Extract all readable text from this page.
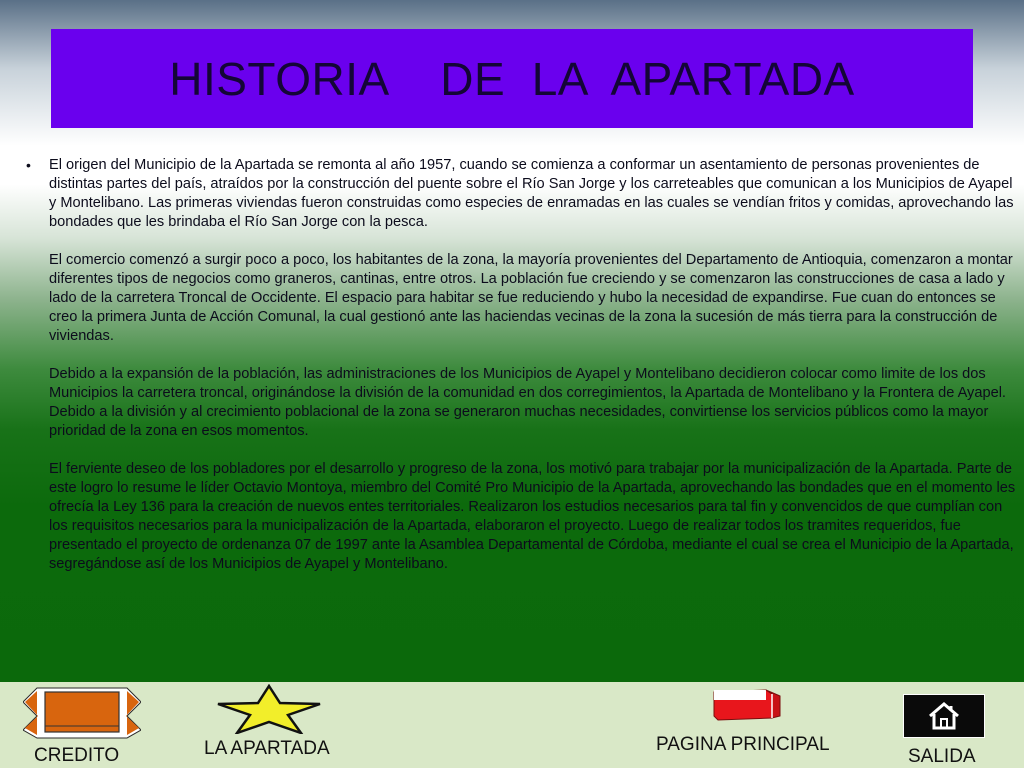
HISTORIA    DE  LA  APARTADA
•	El origen del Municipio de la Apartada se remonta al año 1957, cuando se comienza a conformar un asentamiento de personas provenientes de distintas partes del país, atraídos por la construcción del puente sobre el Río San Jorge y los carreteables que comunican a los Municipios de Ayapel y Montelibano. Las primeras viviendas fueron construidas como especies de enramadas en las cuales se vendían fritos y comidas, aprovechando las bondades que les brindaba el Río San Jorge con la pesca.

El comercio comenzó a surgir poco a poco, los habitantes de la zona, la mayoría provenientes del Departamento de Antioquia, comenzaron a montar diferentes tipos de negocios como graneros, cantinas, entre otros. La población fue creciendo y se comenzaron las construcciones de casa a lado y lado de la carretera Troncal de Occidente. El espacio para habitar se fue reduciendo y hubo la necesidad de expandirse. Fue cuan do entonces se creo la primera Junta de Acción Comunal, la cual gestionó ante las haciendas vecinas de la zona la sucesión de más tierra para la construcción de viviendas.

Debido a la expansión de la población, las administraciones de los Municipios de Ayapel y Montelibano decidieron colocar como limite de los dos Municipios la carretera troncal, originándose la división de la comunidad en dos corregimientos, la Apartada de Montelibano y la Frontera de Ayapel. Debido a la división y al crecimiento poblacional de la zona se generaron muchas necesidades, convirtiense los servicios públicos como la mayor prioridad de la zona en esos momentos.

El ferviente deseo de los pobladores por el desarrollo y progreso de la zona, los motivó para trabajar por la municipalización de la Apartada. Parte de este logro lo resume le líder Octavio Montoya, miembro del Comité Pro Municipio de la Apartada, aprovechando las bondades que en el momento les ofrecía la Ley 136 para la creación de nuevos entes territoriales. Realizaron los estudios necesarios para tal fin y convencidos de que cumplían con los requisitos necesarios para la municipalización de la Apartada, elaboraron el proyecto. Luego de realizar todos los tramites requeridos, fue presentado el proyecto de ordenanza 07 de 1997 ante la Asamblea Departamental de Córdoba, mediante el cual se crea el Municipio de la Apartada, segregándose así de los Municipios de Ayapel y Montelibano.

CREDITO	LA APARTADA	PAGINA PRINCIPAL
SALIDA
